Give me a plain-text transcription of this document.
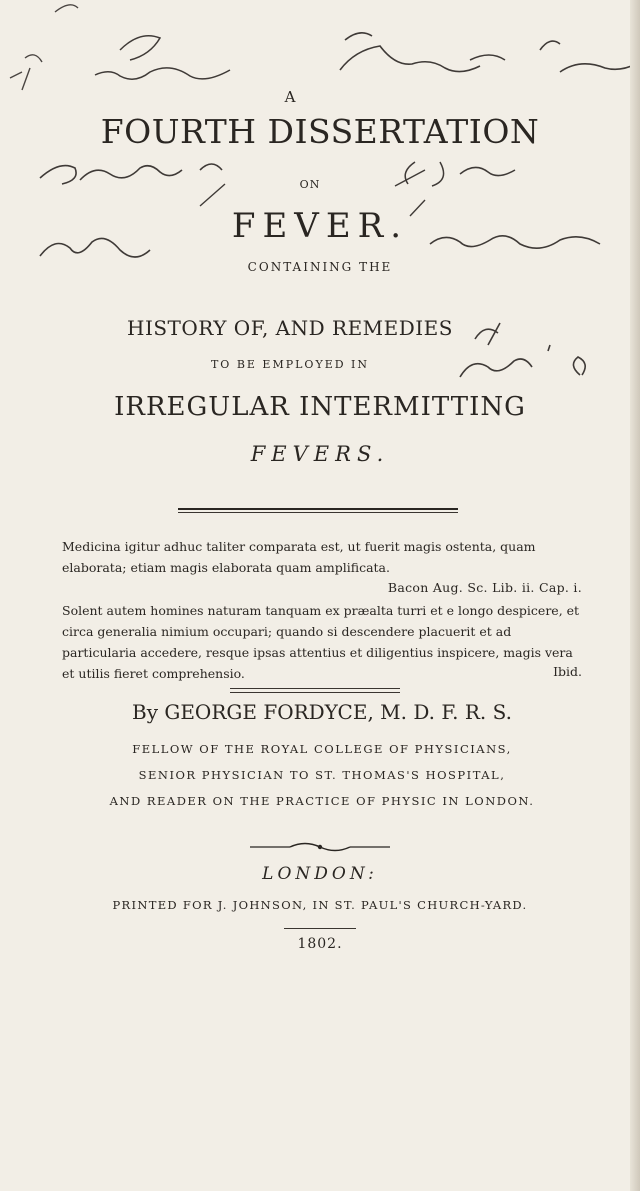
A
FOURTH DISSERTATION
ON
FEVER.
CONTAINING THE
HISTORY OF, AND REMEDIES
TO BE EMPLOYED IN
IRREGULAR INTERMITTING
FEVERS.
Medicina igitur adhuc taliter comparata est, ut fuerit magis ostenta, quam elaborata; etiam magis elaborata quam amplificata.
Bacon Aug. Sc. Lib. ii. Cap. i.
Solent autem homines naturam tanquam ex præalta turri et e longo despicere, et circa generalia nimium occupari; quando si descendere placuerit et ad particularia accedere, resque ipsas attentius et diligentius inspicere, magis vera et utilis fieret comprehensio.	Ibid.
By GEORGE FORDYCE, M. D. F. R. S.
FELLOW OF THE ROYAL COLLEGE OF PHYSICIANS,
SENIOR PHYSICIAN TO ST. THOMAS'S HOSPITAL,
AND READER ON THE PRACTICE OF PHYSIC IN LONDON.
LONDON:
PRINTED FOR J. JOHNSON, IN ST. PAUL'S CHURCH-YARD.
1802.
